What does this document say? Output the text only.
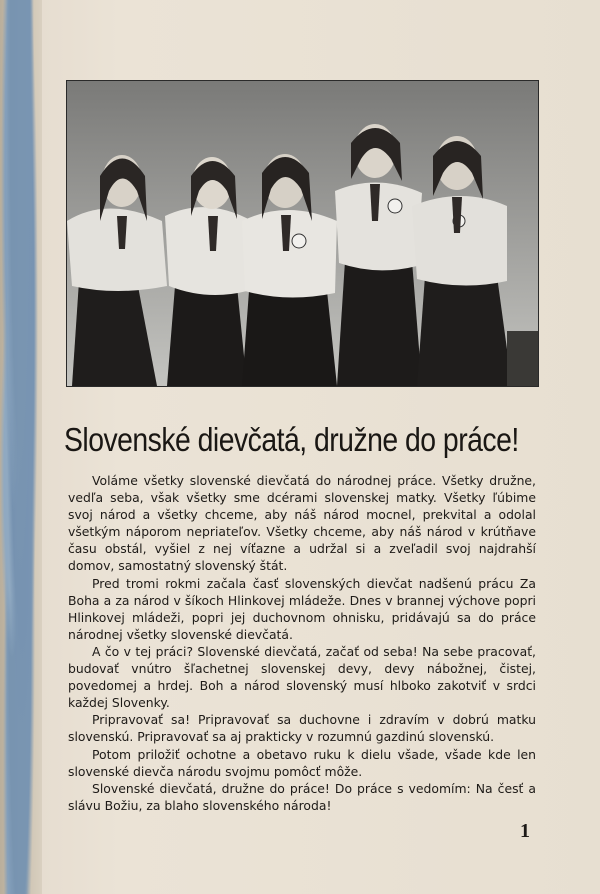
Slovenské dievčatá, družne do práce!

Voláme všetky slovenské dievčatá do národnej práce. Všetky družne, vedľa seba, však všetky sme dcérami slovenskej matky. Všetky ľúbime svoj národ a všetky chceme, aby náš národ mocnel, prekvital a odolal všetkým náporom nepriateľov. Všetky chceme, aby náš národ v krútňave času obstál, vyšiel z nej víťazne a udržal si a zveľadil svoj najdrahší domov, samostatný slovenský štát.

Pred tromi rokmi začala časť slovenských dievčat nadšenú prácu Za Boha a za národ v šíkoch Hlinkovej mládeže. Dnes v brannej výchove popri Hlinkovej mládeži, popri jej duchovnom ohnisku, pridávajú sa do práce národnej všetky slovenské dievčatá.

A čo v tej práci? Slovenské dievčatá, začať od seba! Na sebe pracovať, budovať vnútro šľachetnej slovenskej devy, devy nábožnej, čistej, povedomej a hrdej. Boh a národ slovenský musí hlboko zakotviť v srdci každej Slovenky.

Pripravovať sa! Pripravovať sa duchovne i zdravím v dobrú matku slovenskú. Pripravovať sa aj prakticky v rozumnú gazdinú slovenskú.

Potom priložiť ochotne a obetavo ruku k dielu všade, všade kde len slovenské dievča národu svojmu pomôcť môže.

Slovenské dievčatá, družne do práce! Do práce s vedomím: Na česť a slávu Božiu, za blaho slovenského národa!

1
